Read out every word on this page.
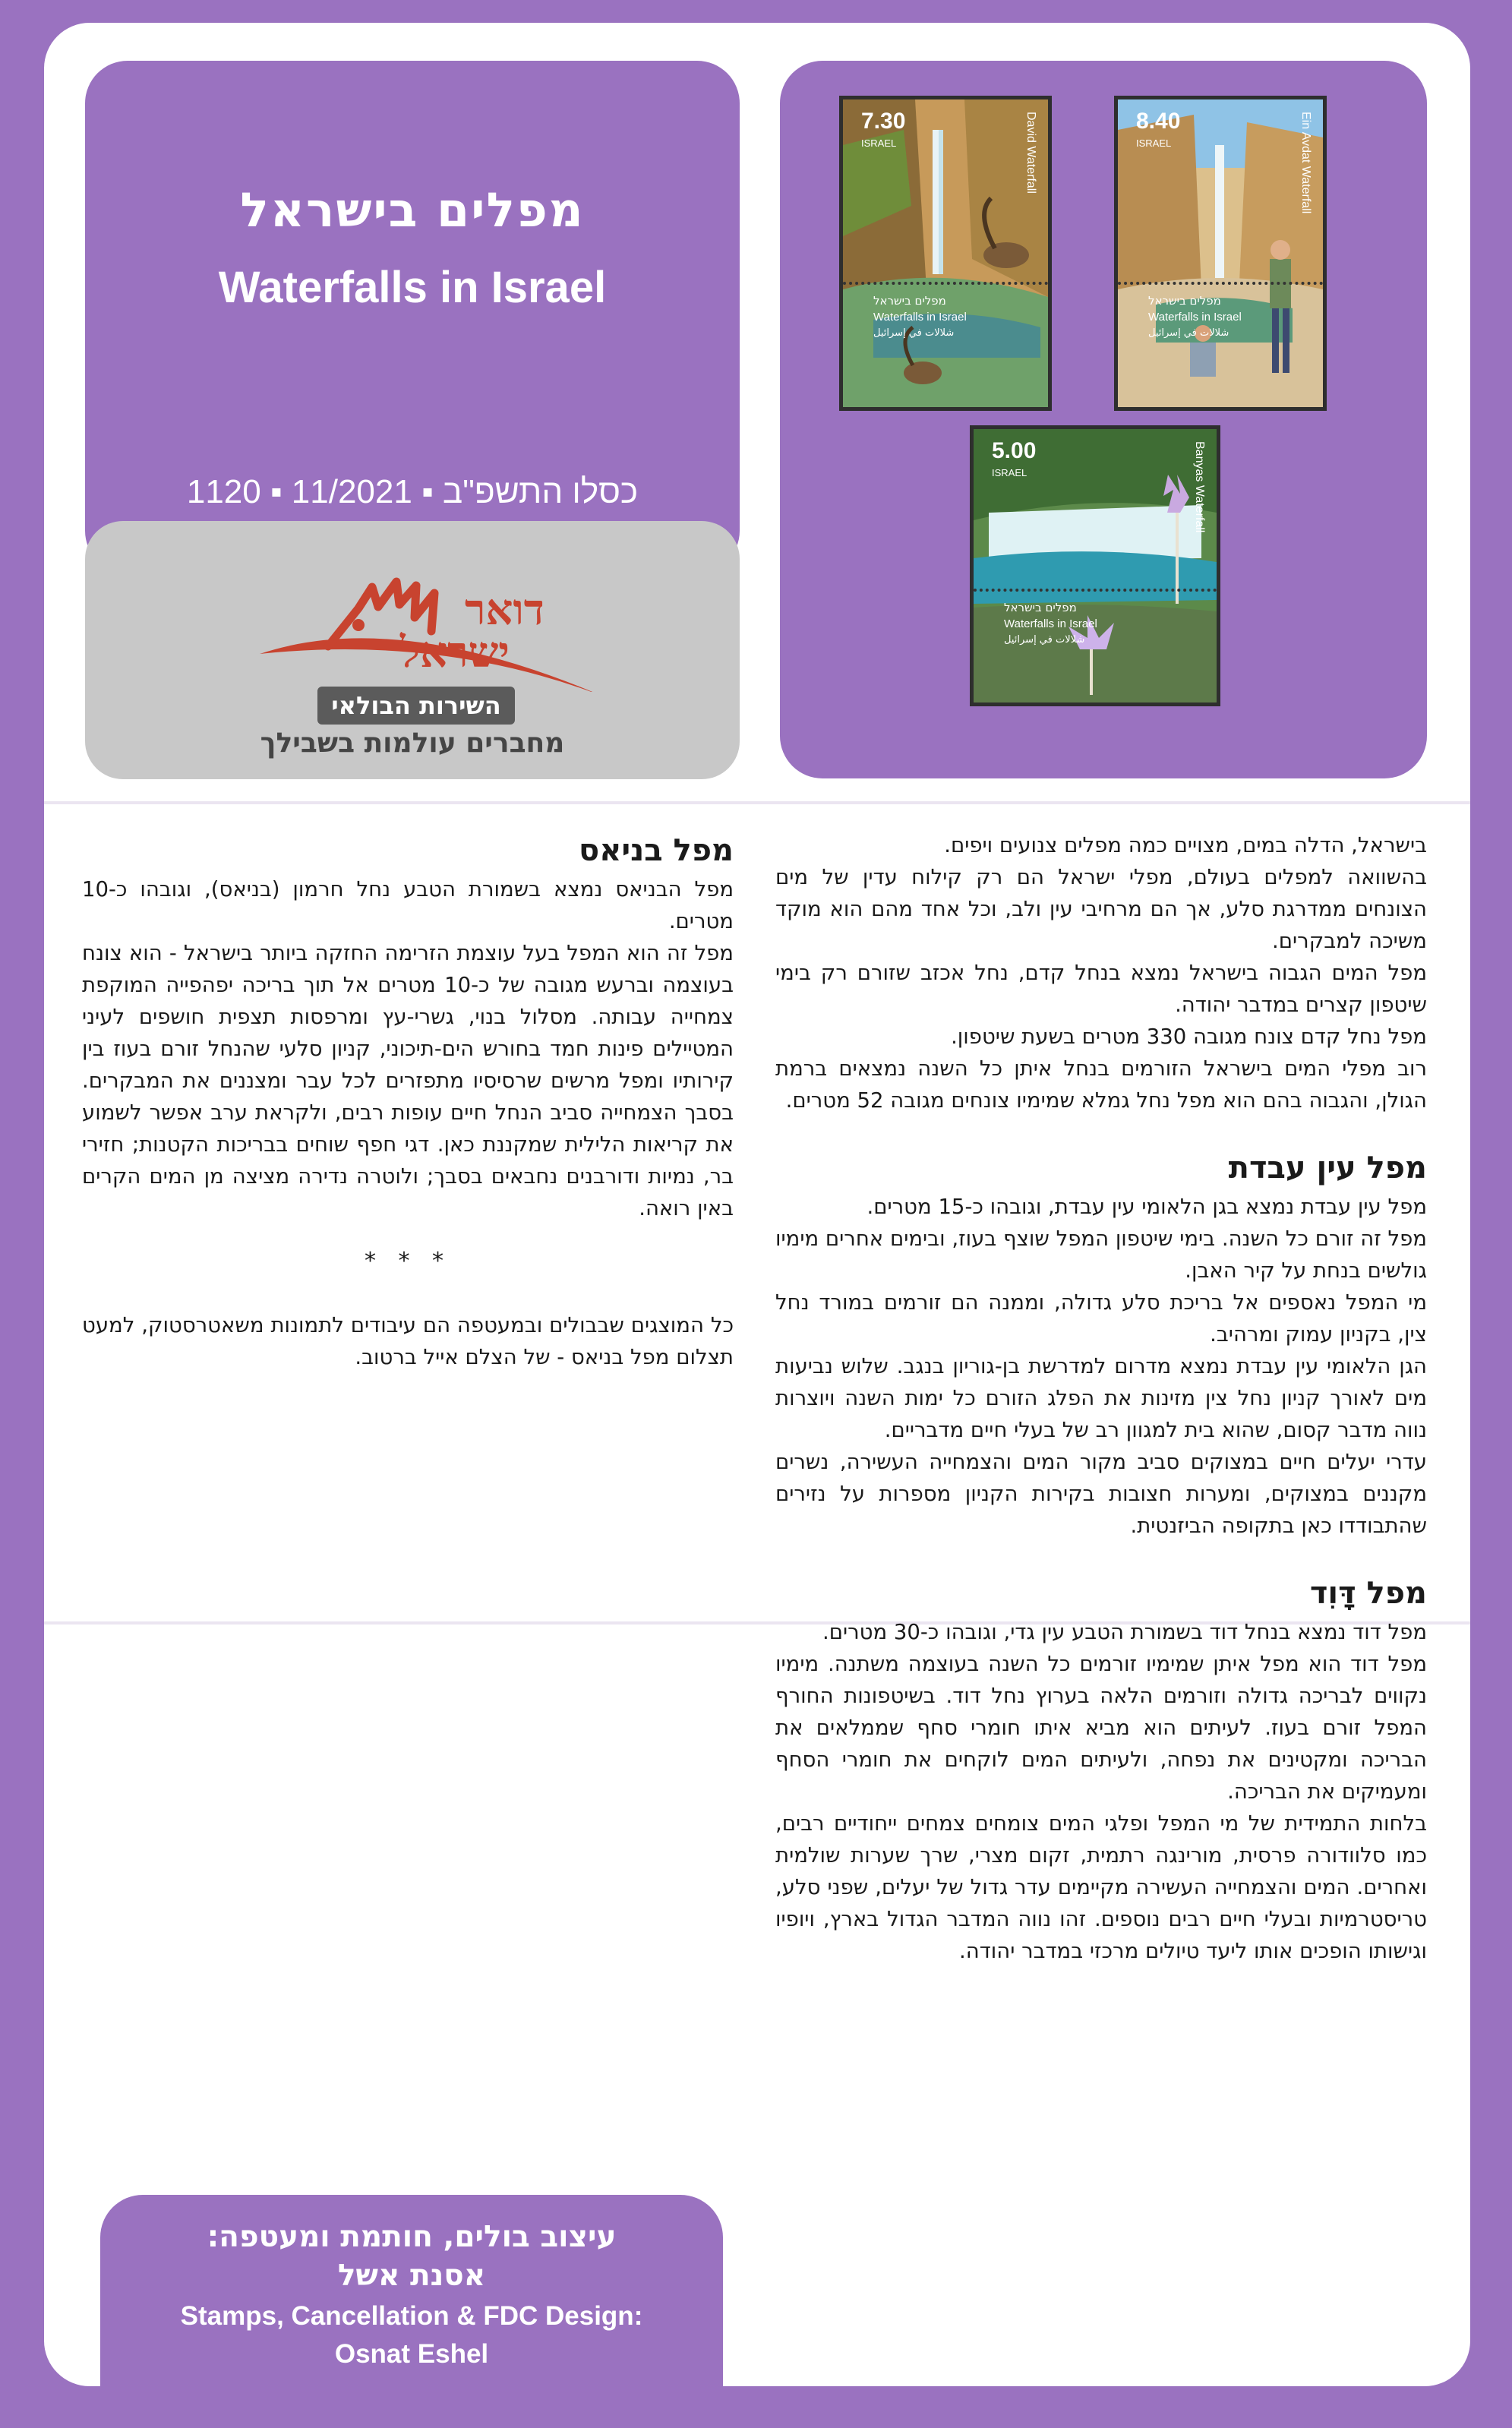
מפלים בישראל
Waterfalls in Israel
כסלו התשפ"ב ▪ 11/2021 ▪ 1120
דואר
ישראל
השירות הבולאי
מחברים עולמות בשבילך
7.30
ISRAEL	David Waterfall
מפלים בישראל
Waterfalls in Israel
شلالات في إسرائيل
8.40
ISRAEL	Ein Avdat Waterfall
מפלים בישראל
Waterfalls in Israel
شلالات في إسرائيل
5.00
ISRAEL	Banyas Waterfall
מפלים בישראל
Waterfalls in Israel
شلالات في إسرائيل
מפל בניאס

מפל הבניאס נמצא בשמורת הטבע נחל חרמון (בניאס), וגובהו כ-10 מטרים.

מפל זה הוא המפל בעל עוצמת הזרימה החזקה ביותר בישראל - הוא צונח בעוצמה וברעש מגובה של כ-10 מטרים אל תוך בריכה יפהפייה המוקפת צמחייה עבותה. מסלול בנוי, גשרי-עץ ומרפסות תצפית חושפים לעיני המטיילים פינות חמד בחורש הים-תיכוני, קניון סלעי שהנחל זורם בעוז בין קירותיו ומפל מרשים שרסיסיו מתפזרים לכל עבר ומצננים את המבקרים. בסבך הצמחייה סביב הנחל חיים עופות רבים, ולקראת ערב אפשר לשמוע את קריאות הלילית שמקננת כאן. דגי חפף שוחים בבריכות הקטנות; חזירי בר, נמיות ודורבנים נחבאים בסבך; ולוטרה נדירה מציצה מן המים הקרים באין רואה.

* * *

כל המוצגים שבבולים ובמעטפה הם עיבודים לתמונות משאטרסטוק, למעט תצלום מפל בניאס - של הצלם אייל ברטוב.

בישראל, הדלה במים, מצויים כמה מפלים צנועים ויפים.

בהשוואה למפלים בעולם, מפלי ישראל הם רק קילוח עדין של מים הצונחים ממדרגת סלע, אך הם מרחיבי עין ולב, וכל אחד מהם הוא מוקד משיכה למבקרים.

מפל המים הגבוה בישראל נמצא בנחל קדם, נחל אכזב שזורם רק בימי שיטפון קצרים במדבר יהודה.

מפל נחל קדם צונח מגובה 330 מטרים בשעת שיטפון.

רוב מפלי המים בישראל הזורמים בנחל איתן כל השנה נמצאים ברמת הגולן, והגבוה בהם הוא מפל נחל גמלא שמימיו צונחים מגובה 52 מטרים.

מפל עין עבדת

מפל עין עבדת נמצא בגן הלאומי עין עבדת, וגובהו כ-15 מטרים.

מפל זה זורם כל השנה. בימי שיטפון המפל שוצף בעוז, ובימים אחרים מימיו גולשים בנחת על קיר האבן.

מי המפל נאספים אל בריכת סלע גדולה, וממנה הם זורמים במורד נחל צין, בקניון עמוק ומרהיב.

הגן הלאומי עין עבדת נמצא מדרום למדרשת בן-גוריון בנגב. שלוש נביעות מים לאורך קניון נחל צין מזינות את הפלג הזורם כל ימות השנה ויוצרות נווה מדבר קסום, שהוא בית למגוון רב של בעלי חיים מדבריים.

עדרי יעלים חיים במצוקים סביב מקור המים והצמחייה העשירה, נשרים מקננים במצוקים, ומערות חצובות בקירות הקניון מספרות על נזירים שהתבודדו כאן בתקופה הביזנטית.

מפל דָּוִד

מפל דוד נמצא בנחל דוד בשמורת הטבע עין גדי, וגובהו כ-30 מטרים.

מפל דוד הוא מפל איתן שמימיו זורמים כל השנה בעוצמה משתנה. מימיו נקווים לבריכה גדולה וזורמים הלאה בערוץ נחל דוד. בשיטפונות החורף המפל זורם בעוז. לעיתים הוא מביא איתו חומרי סחף שממלאים את הבריכה ומקטינים את נפחה, ולעיתים המים לוקחים את חומרי הסחף ומעמיקים את הבריכה.

בלחות התמידית של מי המפל ופלגי המים צומחים צמחים ייחודיים רבים, כמו סלוודורה פרסית, מורינגה רתמית, זקום מצרי, שרך שערות שולמית ואחרים. המים והצמחייה העשירה מקיימים עדר גדול של יעלים, שפני סלע, טריסטרמיות ובעלי חיים רבים נוספים. זהו נווה המדבר הגדול בארץ, ויופיו וגישותו הופכים אותו ליעד טיולים מרכזי במדבר יהודה.

עיצוב בולים, חותמת ומעטפה:
אסנת אשל
Stamps, Cancellation & FDC Design:
Osnat Eshel
